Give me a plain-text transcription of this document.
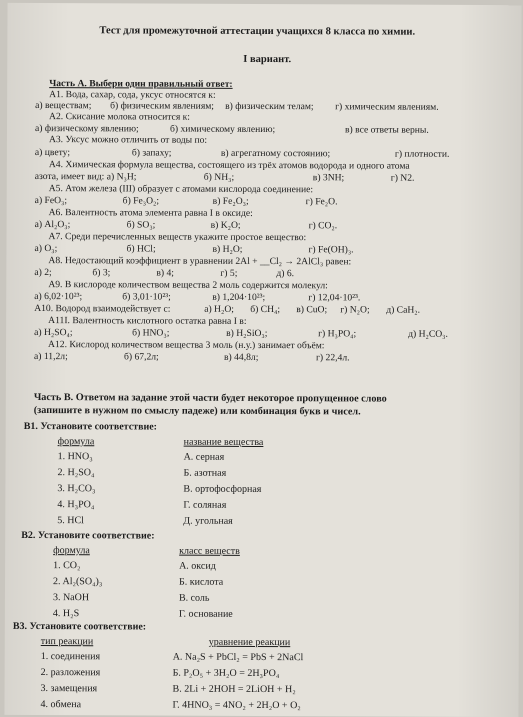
Тест для промежуточной аттестации учащихся 8 класса по химии.
I вариант.
Часть А. Выбери один правильный ответ:
А1. Вода, сахар, сода, уксус относятся к:
а) веществам; б) физическим явлениям; в) физическим телам; г) химическим явлениям.
А2. Скисание молока относится к:
а) физическому явлению;	б) химическому явлению;	в) все ответы верны.
А3. Уксус можно отличить от воды по:
а) цвету;	б) запаху;	в) агрегатному состоянию;	г) плотности.
А4. Химическая формула вещества, состоящего из трёх атомов водорода и одного атома
азота, имеет вид: а) N₃H;	б) NH₃;	в) 3NH;	г) N2.
А5. Атом железа (III) образует с атомами кислорода соединение:
а) FeO₃;	б) Fe₃O₂;	в) Fe₂O₃;	г) Fe₂O.
А6. Валентность атома элемента равна I в оксиде:
а) Al₂O₃;	б) SO₃;	в) K₂O;	г) CO₂.
А7. Среди перечисленных веществ укажите простое вещество:
а) O₃;	б) HCl;	в) H₂O;	г) Fe(OH)₃.
А8. Недостающий коэффициент в уравнении 2Al + __Cl₂ → 2AlCl₃ равен:
а) 2;	б) 3;	в) 4;	г) 5;	д) 6.
А9. В кислороде количеством вещества 2 моль содержится молекул:
а) 6,02·10²³;	б) 3,01·10²³;	в) 1,204·10²³;	г) 12,04·10²³.
А10. Водород взаимодействует с:	а) H₂O; б) CH₄; в) CuO; г) N₂O; д) CaH₂.
А11I. Валентность кислотного остатка равна I в:
а) H₂SO₄;	б) HNO₃;	в) H₂SiO₃;	г) H₃PO₄;	д) H₂CO₃.
А12. Кислород количеством вещества 3 моль (н.у.) занимает объём:
а) 11,2л;	б) 67,2л;	в) 44,8л;	г) 22,4л.
Часть В. Ответом на задание этой части будет некоторое пропущенное слово
(запишите в нужном по смыслу падеже) или комбинация букв и чисел.
В1. Установите соответствие:
формула	название вещества
1. HNO₃	А. серная
2. H₂SO₄	Б. азотная
3. H₂CO₃	В. ортофосфорная
4. H₃PO₄	Г. соляная
5. HCl	Д. угольная
В2. Установите соответствие:
формула	класс веществ
1. CO₂	А. оксид
2. Al₂(SO₄)₃	Б. кислота
3. NaOH	В. соль
4. H₂S	Г. основание
В3. Установите соответствие:
тип реакции	уравнение реакции
1. соединения	А. Na₂S + PbCl₂ = PbS + 2NaCl
2. разложения	Б. P₂O₅ + 3H₂O = 2H₃PO₄
3. замещения	В. 2Li + 2HOH = 2LiOH + H₂
4. обмена	Г. 4HNO₃ = 4NO₂ + 2H₂O + O₂
